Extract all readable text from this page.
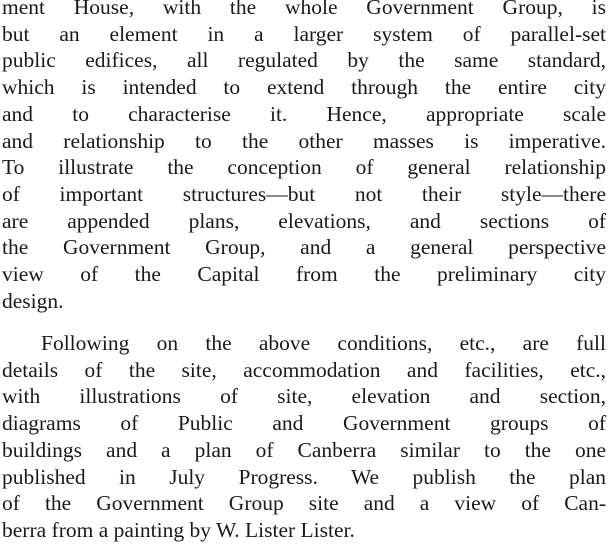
ment House, with the whole Government Group, is
but an element in a larger system of parallel-set
public edifices, all regulated by the same standard,
which is intended to extend through the entire city
and to characterise it. Hence, appropriate scale
and relationship to the other masses is imperative.
To illustrate the conception of general relationship
of important structures—but not their style—there
are appended plans, elevations, and sections of
the Government Group, and a general perspective
view of the Capital from the preliminary city
design.
Following on the above conditions, etc., are full
details of the site, accommodation and facilities, etc.,
with illustrations of site, elevation and section,
diagrams of Public and Government groups of
buildings and a plan of Canberra similar to the one
published in July Progress. We publish the plan
of the Government Group site and a view of Can-
berra from a painting by W. Lister Lister.
